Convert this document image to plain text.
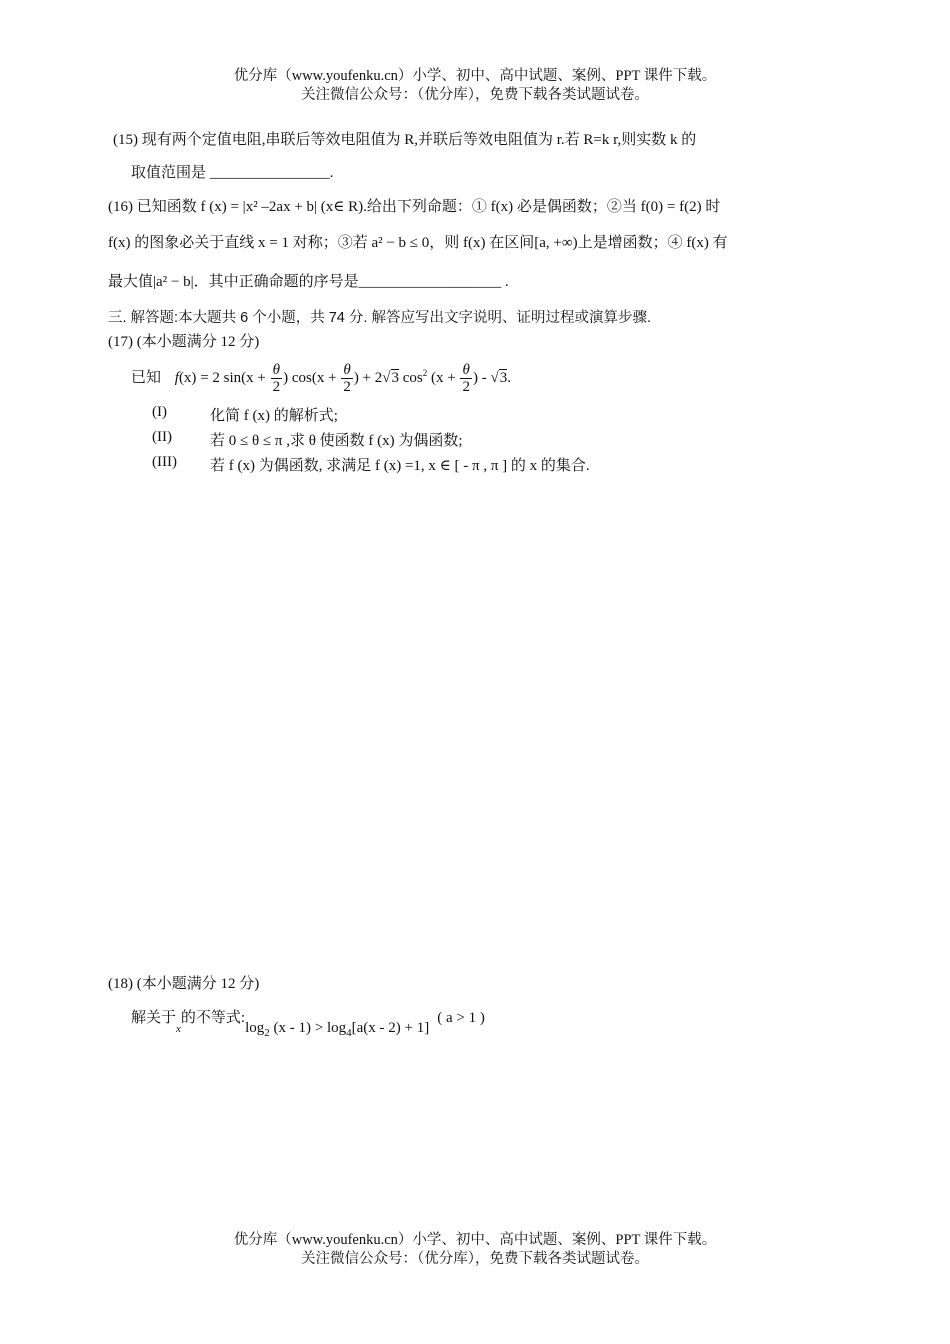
优分库（www.youfenku.cn）小学、初中、高中试题、案例、PPT 课件下载。
关注微信公众号：（优分库），免费下载各类试题试卷。
(15) 现有两个定值电阻,串联后等效电阻值为 R,并联后等效电阻值为 r.若 R=k r,则实数 k 的
取值范围是 ________________.
(16) 已知函数 f (x) = |x² –2ax + b| (x∈ R).给出下列命题：① f(x) 必是偶函数；②当 f(0) = f(2) 时
f(x) 的图象必关于直线 x = 1 对称；③若 a² − b ≤ 0，则 f(x) 在区间[a, +∞)上是增函数；④ f(x) 有
最大值|a² − b|．其中正确命题的序号是___________________ .
三. 解答题:本大题共 6 个小题，共 74 分. 解答应写出文字说明、证明过程或演算步骤.
(17) (本小题满分 12 分)
已知 f(x) = 2 $\sin(x + \frac{\theta}{2}$ ) $\cos(x + \frac{\theta}{2}$ ) + 2√3 $\cos^2 (x + \frac{\theta}{2}$ ) - √3.
(I)	化简 f (x) 的解析式;
(II)	若 0 ≤ θ ≤ π ,求 θ 使函数 f (x) 为偶函数;
(III) 若 f (x) 为偶函数, 求满足 f (x) =1, x ∈ [ - π , π ] 的 x 的集合.
(18) (本小题满分 12 分)
解关于$_x$的不等式$:\log_2$ $(x - 1) > \log_4[a(x - 2) + 1]$( a > 1 )
优分库（www.youfenku.cn）小学、初中、高中试题、案例、PPT 课件下载。
关注微信公众号：（优分库），免费下载各类试题试卷。
